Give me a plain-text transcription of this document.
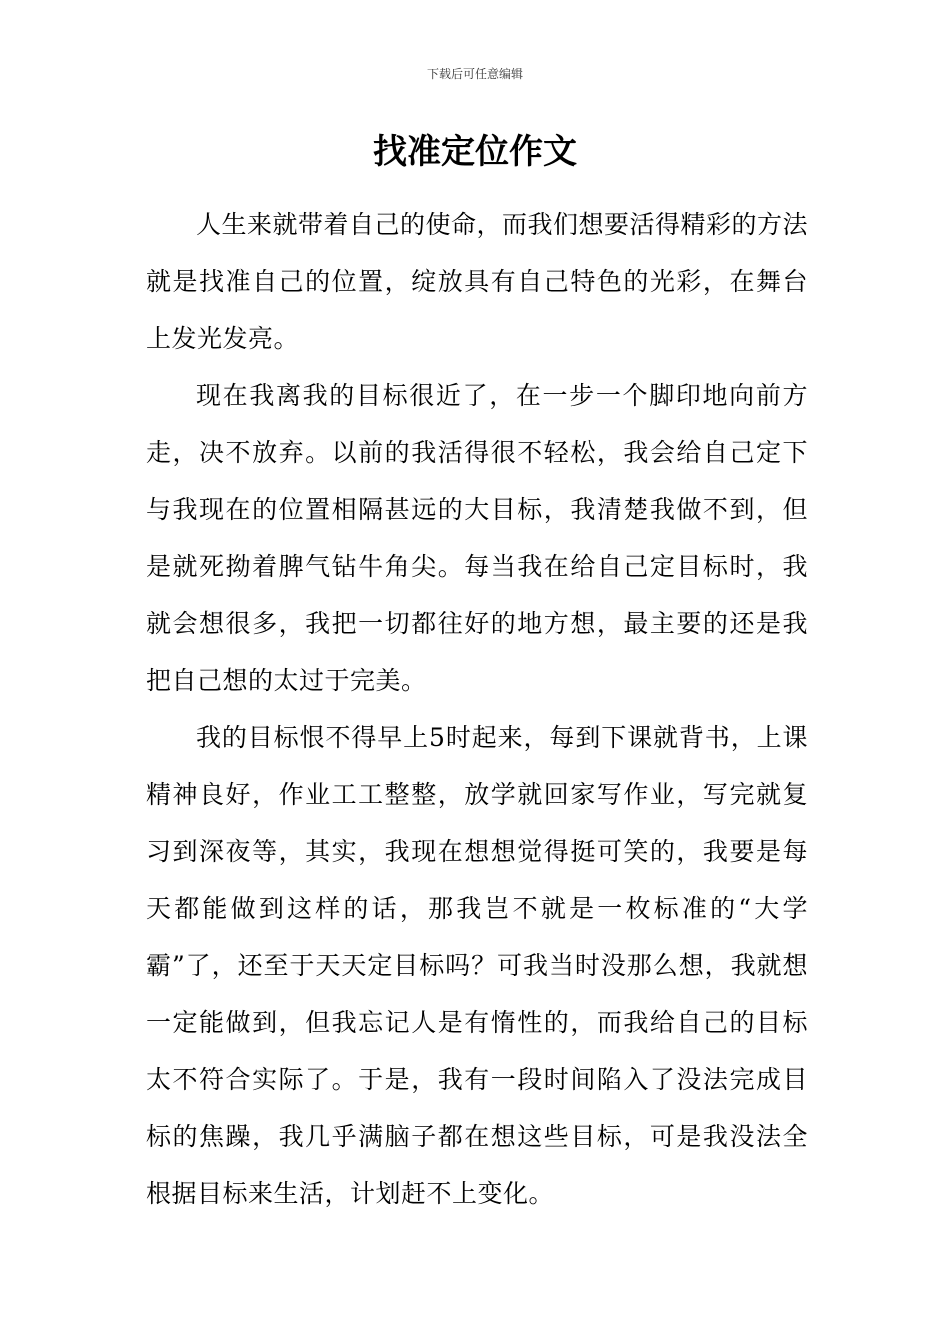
下载后可任意编辑
找准定位作文

人生来就带着自己的使命，而我们想要活得精彩的方法就是找准自己的位置，绽放具有自己特色的光彩，在舞台上发光发亮。

现在我离我的目标很近了，在一步一个脚印地向前方走，决不放弃。以前的我活得很不轻松，我会给自己定下与我现在的位置相隔甚远的大目标，我清楚我做不到，但是就死拗着脾气钻牛角尖。每当我在给自己定目标时，我就会想很多，我把一切都往好的地方想，最主要的还是我把自己想的太过于完美。

我的目标恨不得早上5时起来，每到下课就背书，上课精神良好，作业工工整整，放学就回家写作业，写完就复习到深夜等，其实，我现在想想觉得挺可笑的，我要是每天都能做到这样的话，那我岂不就是一枚标准的“大学霸”了，还至于天天定目标吗？可我当时没那么想，我就想一定能做到，但我忘记人是有惰性的，而我给自己的目标太不符合实际了。于是，我有一段时间陷入了没法完成目标的焦躁，我几乎满脑子都在想这些目标，可是我没法全根据目标来生活，计划赶不上变化。
